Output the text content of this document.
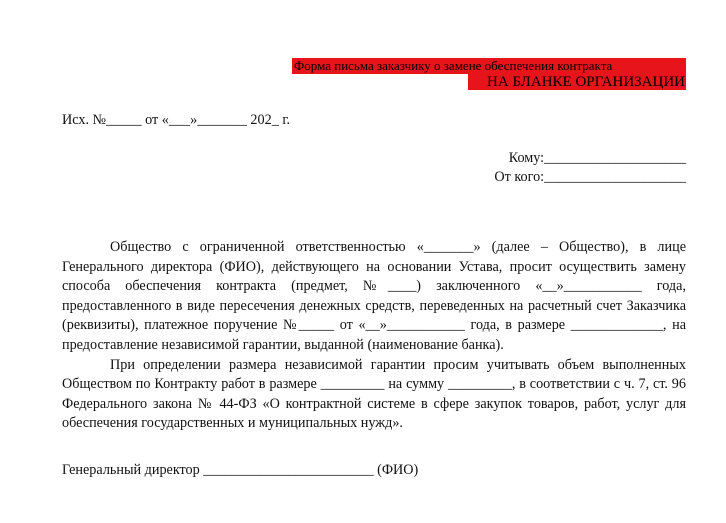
Форма письма заказчику о замене обеспечения контракта
НА БЛАНКЕ ОРГАНИЗАЦИИ
Исх. №_____ от «___»_______ 202_ г.
Кому:____________________
От кого:____________________

Общество с ограниченной ответственностью «_______» (далее – Общество), в лице Генерального директора (ФИО), действующего на основании Устава, просит осуществить замену способа обеспечения контракта (предмет, №____) заключенного «__»___________ года, предоставленного в виде пересечения денежных средств, переведенных на расчетный счет Заказчика (реквизиты), платежное поручение №_____ от «__»___________ года, в размере _____________, на предоставление независимой гарантии, выданной (наименование банка).

При определении размера независимой гарантии просим учитывать объем выполненных Обществом по Контракту работ в размере _________ на сумму _________, в соответствии с ч. 7, ст. 96 Федерального закона № 44-ФЗ «О контрактной системе в сфере закупок товаров, работ, услуг для обеспечения государственных и муниципальных нужд».

Генеральный директор ________________________ (ФИО)
